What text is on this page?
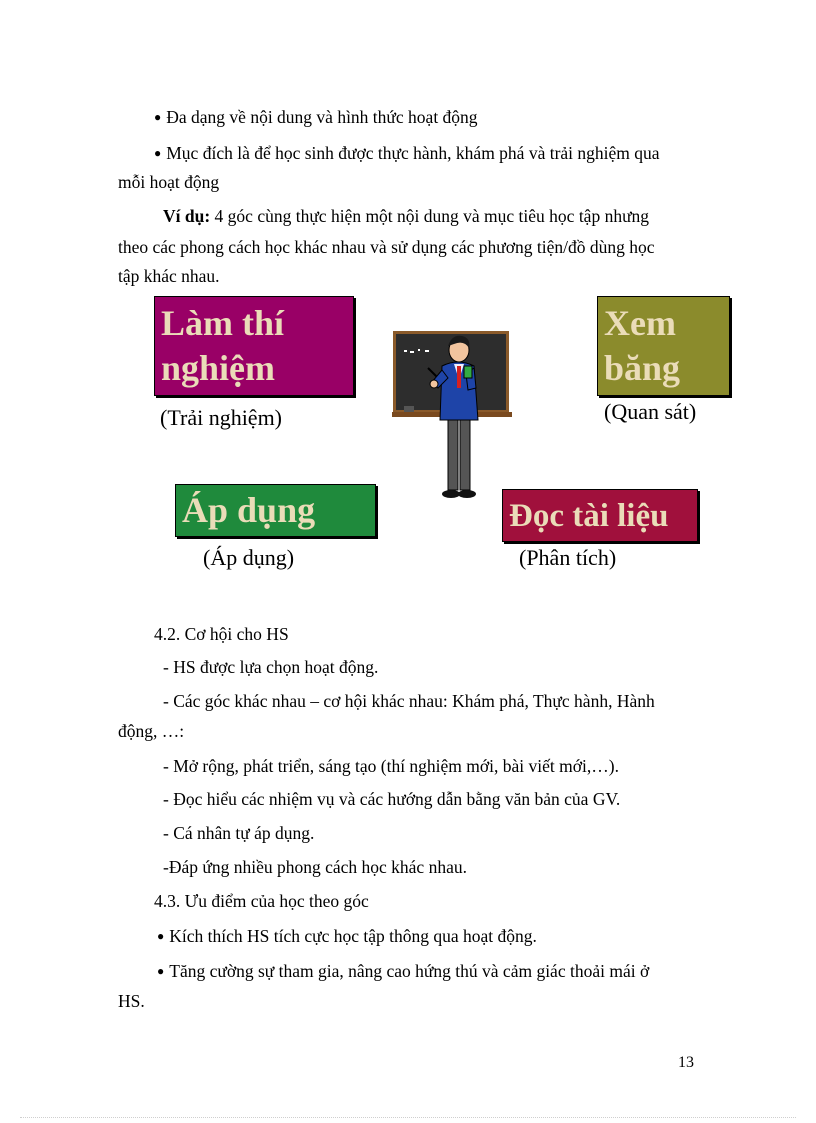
● Đa dạng về nội dung và hình thức hoạt động
● Mục đích là để học sinh được thực hành, khám phá và trải nghiệm qua
mỗi hoạt động
Ví dụ: 4 góc cùng thực hiện một nội dung và mục tiêu học tập nhưng
theo các phong cách học khác nhau và sử dụng các phương tiện/đồ dùng học
tập khác nhau.
Làm thí
nghiệm
(Trải nghiệm)
Xem
băng
(Quan sát)
Áp dụng
(Áp dụng)
Đọc tài liệu
(Phân tích)
4.2. Cơ hội cho HS
- HS được lựa chọn hoạt động.
- Các góc khác nhau – cơ hội khác nhau: Khám phá, Thực hành, Hành
động, …:
- Mở rộng, phát triển, sáng tạo (thí nghiệm mới, bài viết mới,…).
- Đọc hiểu các nhiệm vụ và các hướng dẫn bằng văn bản của GV.
- Cá nhân tự áp dụng.
-Đáp ứng nhiều phong cách học khác nhau.
4.3. Ưu điểm của học theo góc
● Kích thích HS tích cực học tập thông qua hoạt động.
● Tăng cường sự tham gia, nâng cao hứng thú và cảm giác thoải mái ở
HS.
13
